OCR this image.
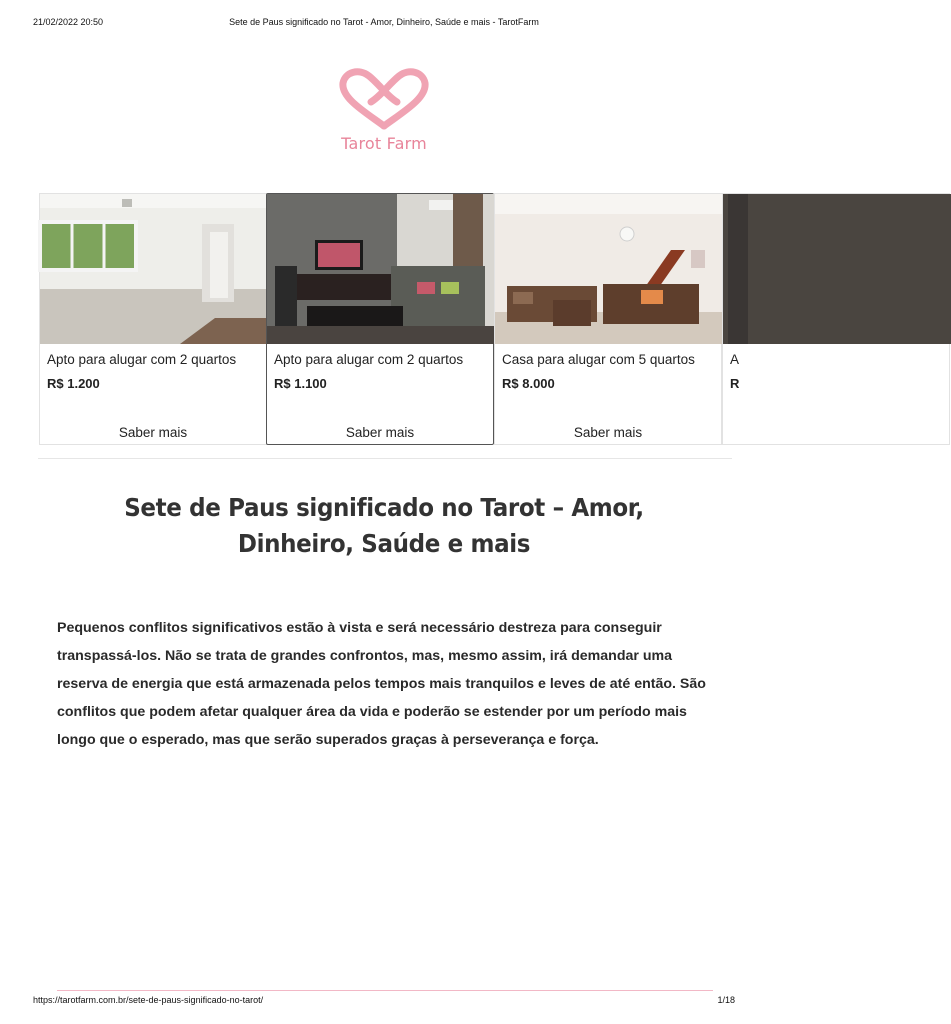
21/02/2022 20:50	Sete de Paus significado no Tarot - Amor, Dinheiro, Saúde e mais - TarotFarm
Tarot Farm
Apto para alugar com 2 quartos
R$ 1.200
Saber mais
Apto para alugar com 2 quartos
R$ 1.100
Saber mais
Casa para alugar com 5 quartos
R$ 8.000
Saber mais
A
R
Sete de Paus significado no Tarot – Amor, Dinheiro, Saúde e mais

Pequenos conflitos significativos estão à vista e será necessário destreza para conseguir transpassá-los. Não se trata de grandes confrontos, mas, mesmo assim, irá demandar uma reserva de energia que está armazenada pelos tempos mais tranquilos e leves de até então. São conflitos que podem afetar qualquer área da vida e poderão se estender por um período mais longo que o esperado, mas que serão superados graças à perseverança e força.

https://tarotfarm.com.br/sete-de-paus-significado-no-tarot/	1/18
